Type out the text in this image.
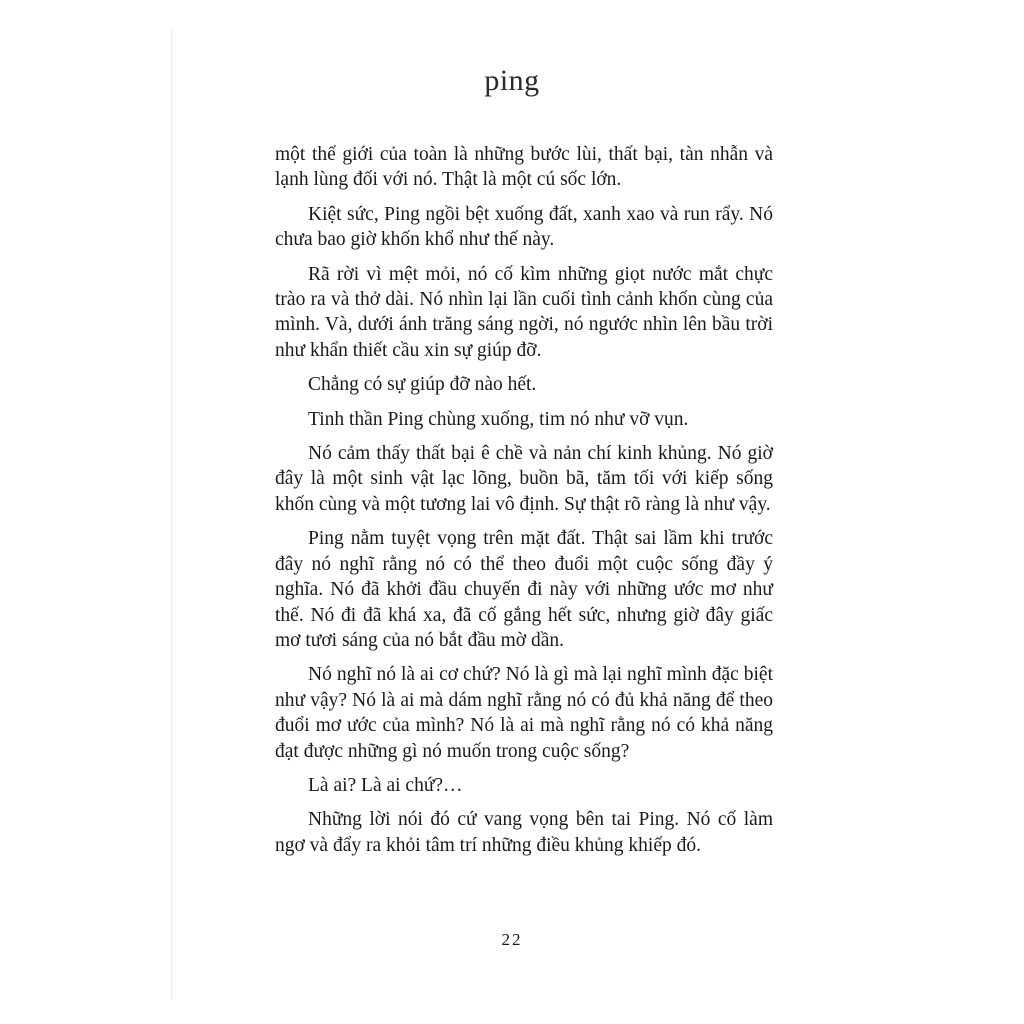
ping

một thế giới của toàn là những bước lùi, thất bại, tàn nhẫn và lạnh lùng đối với nó. Thật là một cú sốc lớn.

Kiệt sức, Ping ngồi bệt xuống đất, xanh xao và run rẩy. Nó chưa bao giờ khốn khổ như thế này.

Rã rời vì mệt mỏi, nó cố kìm những giọt nước mắt chực trào ra và thở dài. Nó nhìn lại lần cuối tình cảnh khốn cùng của mình. Và, dưới ánh trăng sáng ngời, nó ngước nhìn lên bầu trời như khẩn thiết cầu xin sự giúp đỡ.

Chẳng có sự giúp đỡ nào hết.

Tinh thần Ping chùng xuống, tim nó như vỡ vụn.

Nó cảm thấy thất bại ê chề và nản chí kinh khủng. Nó giờ đây là một sinh vật lạc lõng, buồn bã, tăm tối với kiếp sống khốn cùng và một tương lai vô định. Sự thật rõ ràng là như vậy.

Ping nằm tuyệt vọng trên mặt đất. Thật sai lầm khi trước đây nó nghĩ rằng nó có thể theo đuổi một cuộc sống đầy ý nghĩa. Nó đã khởi đầu chuyến đi này với những ước mơ như thế. Nó đi đã khá xa, đã cố gắng hết sức, nhưng giờ đây giấc mơ tươi sáng của nó bắt đầu mờ dần.

Nó nghĩ nó là ai cơ chứ? Nó là gì mà lại nghĩ mình đặc biệt như vậy? Nó là ai mà dám nghĩ rằng nó có đủ khả năng để theo đuổi mơ ước của mình? Nó là ai mà nghĩ rằng nó có khả năng đạt được những gì nó muốn trong cuộc sống?

Là ai? Là ai chứ?…

Những lời nói đó cứ vang vọng bên tai Ping. Nó cố làm ngơ và đẩy ra khỏi tâm trí những điều khủng khiếp đó.

22
